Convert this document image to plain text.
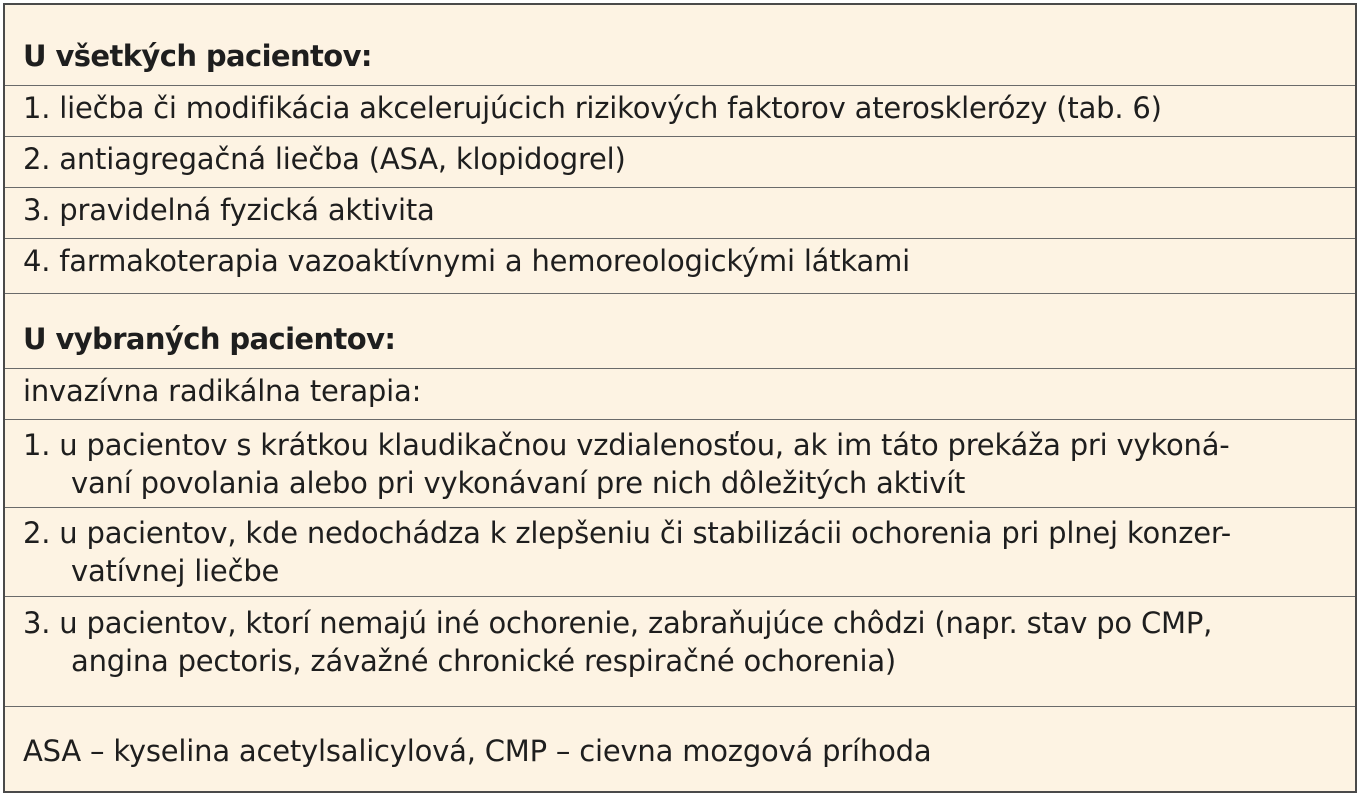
U všetkých pacientov:
1. liečba či modifikácia akcelerujúcich rizikových faktorov aterosklerózy (tab. 6)
2. antiagregačná liečba (ASA, klopidogrel)
3. pravidelná fyzická aktivita
4. farmakoterapia vazoaktívnymi a hemoreologickými látkami
U vybraných pacientov:
invazívna radikálna terapia:
1. u pacientov s krátkou klaudikačnou vzdialenosťou, ak im táto prekáža pri vykoná-
vaní povolania alebo pri vykonávaní pre nich dôležitých aktivít
2. u pacientov, kde nedochádza k zlepšeniu či stabilizácii ochorenia pri plnej konzer-
vatívnej liečbe
3. u pacientov, ktorí nemajú iné ochorenie, zabraňujúce chôdzi (napr. stav po CMP,
angina pectoris, závažné chronické respiračné ochorenia)
ASA – kyselina acetylsalicylová, CMP – cievna mozgová príhoda
